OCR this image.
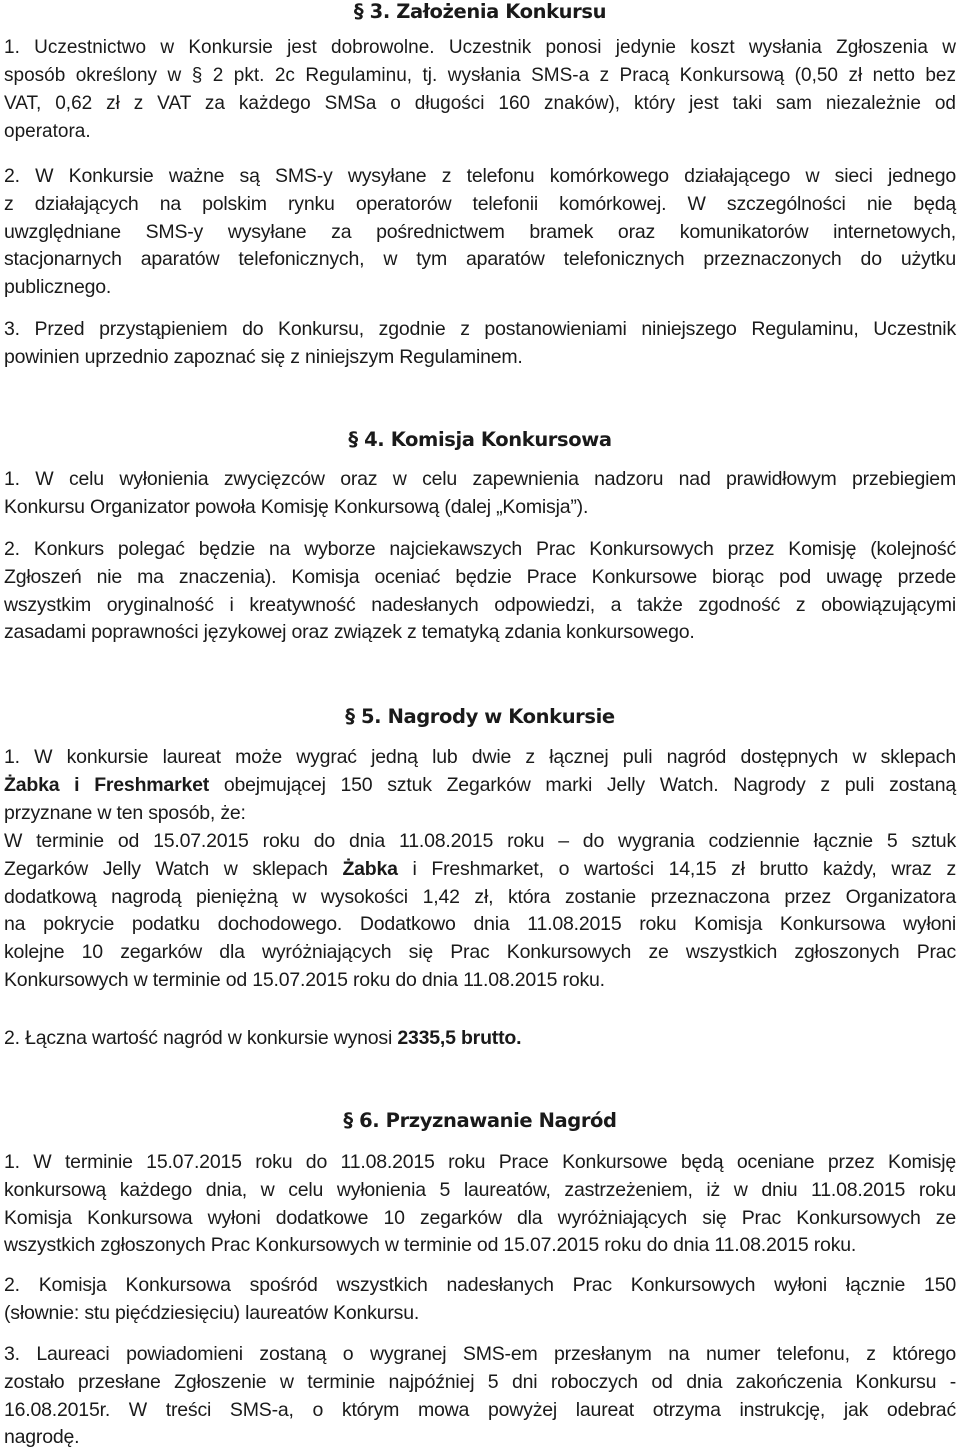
§ 3. Założenia Konkursu
1. Uczestnictwo w Konkursie jest dobrowolne. Uczestnik ponosi jedynie koszt wysłania Zgłoszenia w
sposób określony w § 2 pkt. 2c Regulaminu, tj. wysłania SMS-a z Pracą Konkursową (0,50 zł netto bez
VAT, 0,62 zł z VAT za każdego SMSa o długości 160 znaków), który jest taki sam niezależnie od
operatora.
2. W Konkursie ważne są SMS-y wysyłane z telefonu komórkowego działającego w sieci jednego
z działających na polskim rynku operatorów telefonii komórkowej. W szczególności nie będą
uwzględniane SMS-y wysyłane za pośrednictwem bramek oraz komunikatorów internetowych,
stacjonarnych aparatów telefonicznych, w tym aparatów telefonicznych przeznaczonych do użytku
publicznego.
3. Przed przystąpieniem do Konkursu, zgodnie z postanowieniami niniejszego Regulaminu, Uczestnik
powinien uprzednio zapoznać się z niniejszym Regulaminem.
§ 4. Komisja Konkursowa
1. W celu wyłonienia zwycięzców oraz w celu zapewnienia nadzoru nad prawidłowym przebiegiem
Konkursu Organizator powoła Komisję Konkursową (dalej „Komisja”).
2. Konkurs polegać będzie na wyborze najciekawszych Prac Konkursowych przez Komisję (kolejność
Zgłoszeń nie ma znaczenia). Komisja oceniać będzie Prace Konkursowe biorąc pod uwagę przede
wszystkim oryginalność i kreatywność nadesłanych odpowiedzi, a także zgodność z obowiązującymi
zasadami poprawności językowej oraz związek z tematyką zdania konkursowego.
§ 5. Nagrody w Konkursie
1. W konkursie laureat może wygrać jedną lub dwie z łącznej puli nagród dostępnych w sklepach
Żabka i Freshmarket obejmującej 150 sztuk Zegarków marki Jelly Watch. Nagrody z puli zostaną
przyznane w ten sposób, że:
W terminie od 15.07.2015 roku do dnia 11.08.2015 roku – do wygrania codziennie łącznie 5 sztuk
Zegarków Jelly Watch w sklepach Żabka i Freshmarket, o wartości 14,15 zł brutto każdy, wraz z
dodatkową nagrodą pieniężną w wysokości 1,42 zł, która zostanie przeznaczona przez Organizatora
na pokrycie podatku dochodowego. Dodatkowo dnia 11.08.2015 roku Komisja Konkursowa wyłoni
kolejne 10 zegarków dla wyróżniających się Prac Konkursowych ze wszystkich zgłoszonych Prac
Konkursowych w terminie od 15.07.2015 roku do dnia 11.08.2015 roku.
2. Łączna wartość nagród w konkursie wynosi 2335,5 brutto.
§ 6. Przyznawanie Nagród
1. W terminie 15.07.2015 roku do 11.08.2015 roku Prace Konkursowe będą oceniane przez Komisję
konkursową każdego dnia, w celu wyłonienia 5 laureatów, zastrzeżeniem, iż w dniu 11.08.2015 roku
Komisja Konkursowa wyłoni dodatkowe 10 zegarków dla wyróżniających się Prac Konkursowych ze
wszystkich zgłoszonych Prac Konkursowych w terminie od 15.07.2015 roku do dnia 11.08.2015 roku.
2. Komisja Konkursowa spośród wszystkich nadesłanych Prac Konkursowych wyłoni łącznie 150
(słownie: stu pięćdziesięciu) laureatów Konkursu.
3. Laureaci powiadomieni zostaną o wygranej SMS-em przesłanym na numer telefonu, z którego
zostało przesłane Zgłoszenie w terminie najpóźniej 5 dni roboczych od dnia zakończenia Konkursu -
16.08.2015r. W treści SMS-a, o którym mowa powyżej laureat otrzyma instrukcję, jak odebrać
nagrodę.
